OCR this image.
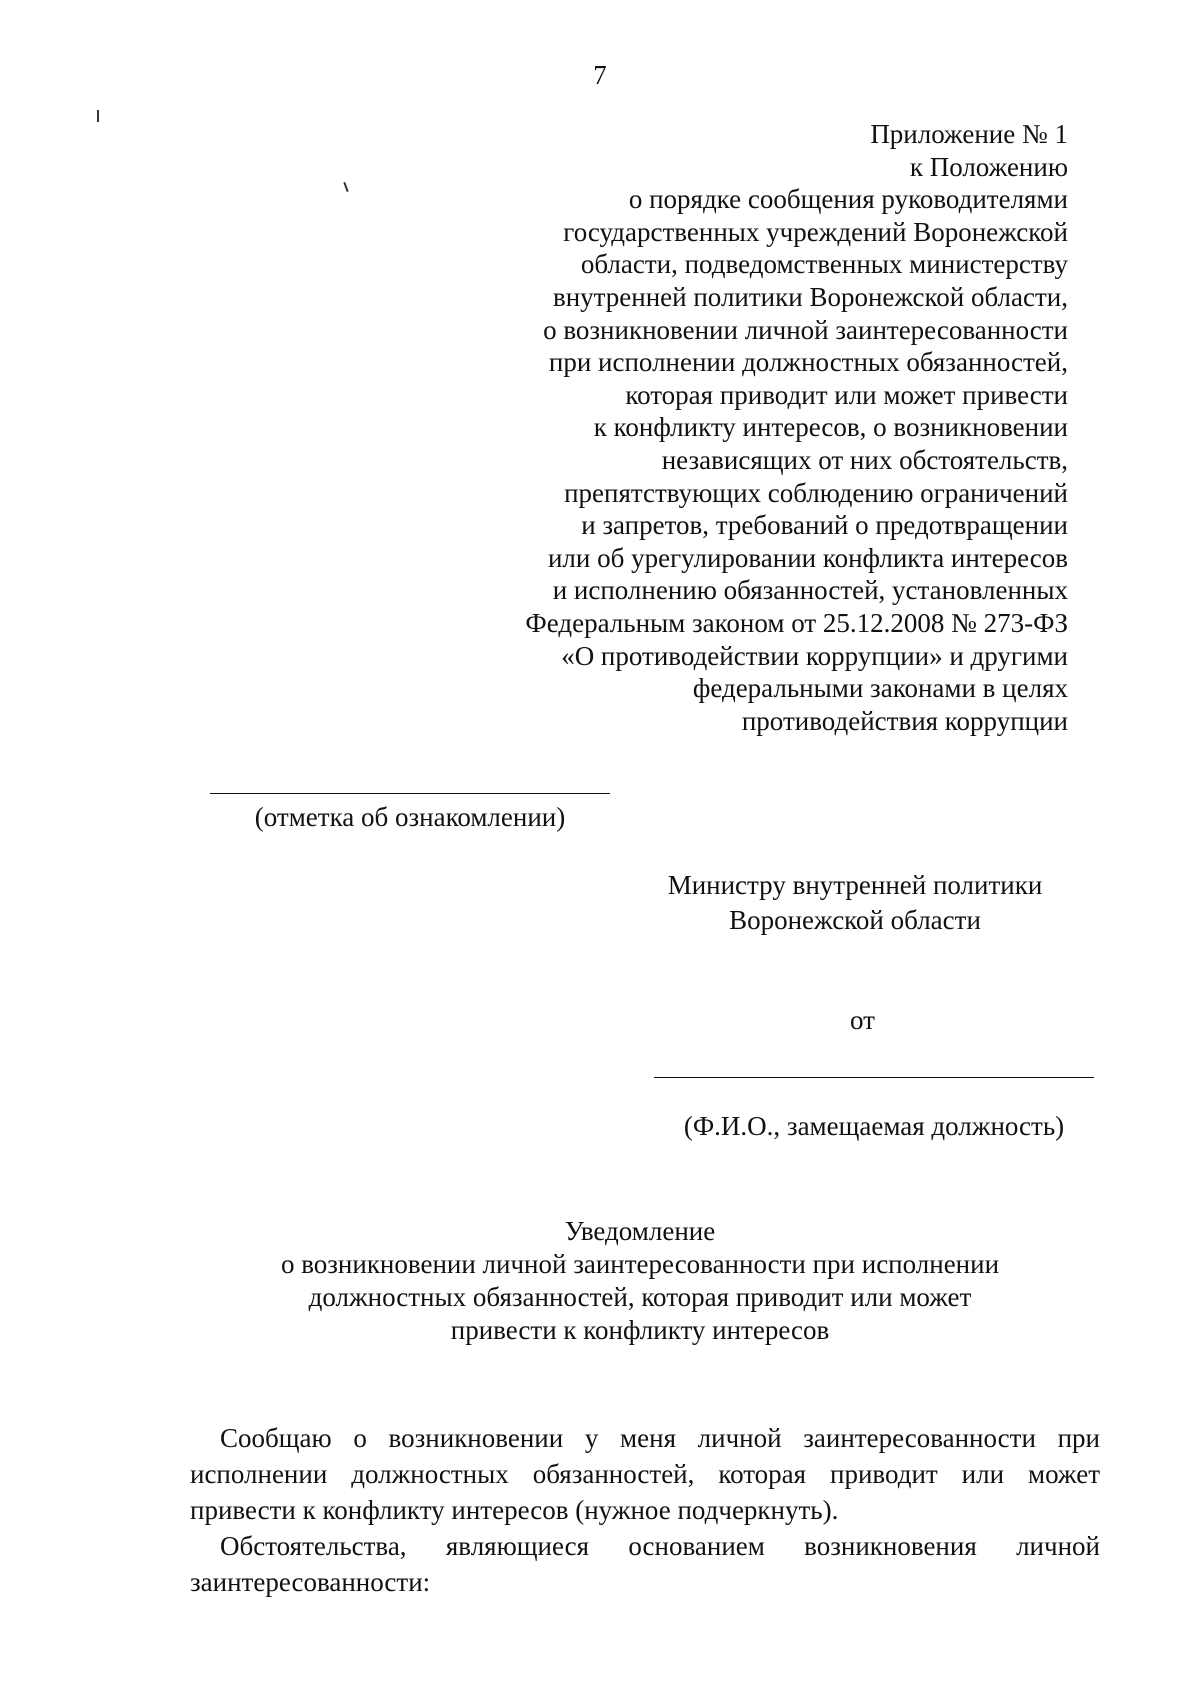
7
Приложение № 1
к Положению
о порядке сообщения руководителями
государственных учреждений Воронежской
области, подведомственных министерству
внутренней политики Воронежской области,
о возникновении личной заинтересованности
при исполнении должностных обязанностей,
которая приводит или может привести
к конфликту интересов, о возникновении
независящих от них обстоятельств,
препятствующих соблюдению ограничений
и запретов, требований о предотвращении
или об урегулировании конфликта интересов
и исполнению обязанностей, установленных
Федеральным законом от 25.12.2008 № 273-ФЗ
«О противодействии коррупции» и другими
федеральными законами в целях
противодействия коррупции
(отметка об ознакомлении)
Министру внутренней политики
Воронежской области
от
(Ф.И.О., замещаемая должность)
Уведомление
о возникновении личной заинтересованности при исполнении
должностных обязанностей, которая приводит или может
привести к конфликту интересов

Сообщаю о возникновении у меня личной заинтересованности при исполнении должностных обязанностей, которая приводит или может привести к конфликту интересов (нужное подчеркнуть).

Обстоятельства, являющиеся основанием возникновения личной заинтересованности:
